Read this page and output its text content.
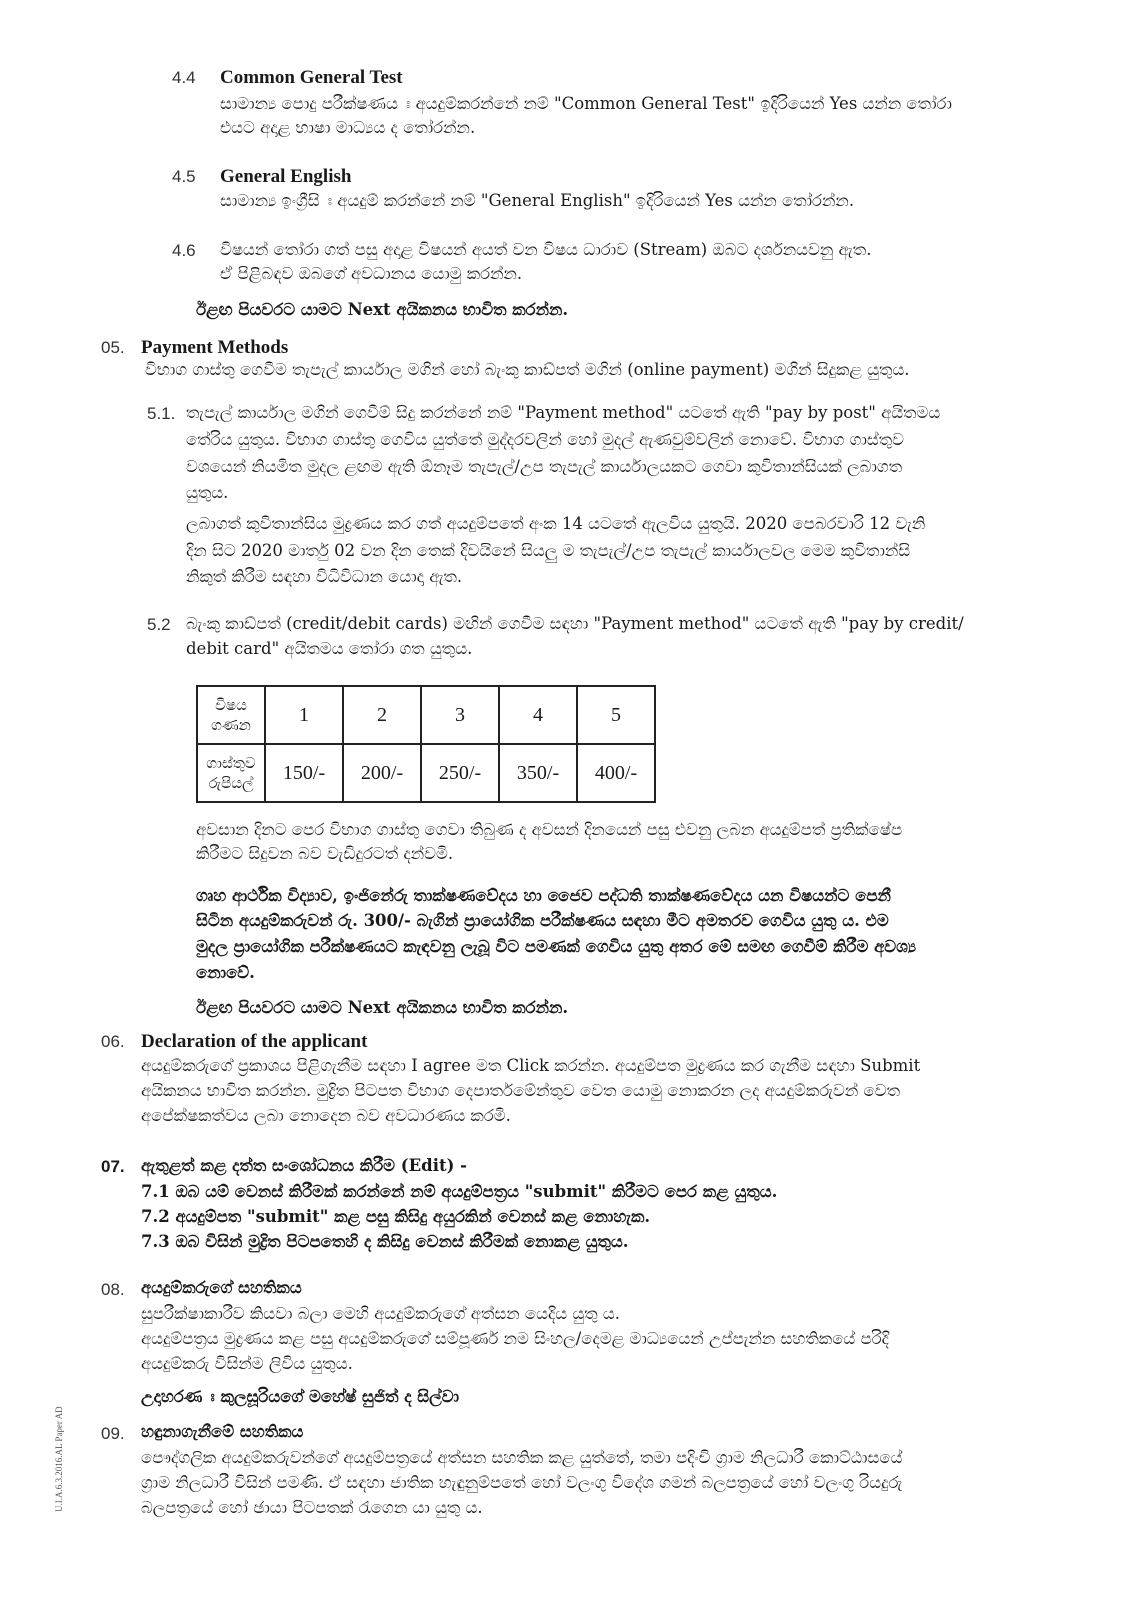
4.4 Common General Test
සාමාන්‍ය පොදු පරීක්ෂණය ඃ අයදුම්කරන්නේ නම් "Common General Test" ඉදිරියෙන් Yes යන්න තෝරා
එයට අදාළ භාෂා මාධ්‍යය ද තෝරන්න.
4.5 General English
සාමාන්‍ය ඉංග්‍රීසි ඃ අයදුම් කරන්නේ නම් "General English" ඉදිරියෙන් Yes යන්න තෝරන්න.
4.6 විෂයන් තෝරා ගත් පසු අදාළ විෂයන් අයත් වන විෂය ධාරාව (Stream) ඔබට දර්ශනයවනු ඇත.
ඒ පිළිබඳව ඔබගේ අවධානය යොමු කරන්න.
ඊළඟ පියවරට යාමට Next අයිකනය භාවිත කරන්න.
05. Payment Methods
විභාග ගාස්තු ගෙවීම තැපැල් කාර්යාල මගින් හෝ බැංකු කාඩ්පත් මගින් (online payment) මගින් සිදුකළ යුතුය.
5.1. තැපැල් කාර්යාල මගින් ගෙවීම් සිදු කරන්නේ නම් "Payment method" යටතේ ඇති "pay by post" අයිතමය
තේරිය යුතුය. විභාග ගාස්තු ගෙවිය යුත්තේ මුද්දරවලින් හෝ මුදල් ඇණවුම්වලින් නොවේ. විභාග ගාස්තුව
වශයෙන් නියමිත මුදල ළඟම ඇති ඕනෑම තැපැල්/උප තැපැල් කාර්යාලයකට ගෙවා කුවිතාන්සියක් ලබාගත
යුතුය.
ලබාගත් කුවිතාන්සිය මුද්‍රණය කර ගත් අයදුම්පතේ අංක 14 යටතේ ඇලවිය යුතුයි. 2020 පෙබරවාරි 12 වැනි
දින සිට 2020 මාර්තු 02 වන දින තෙක් දිවයිනේ සියලු ම තැපැල්/උප තැපැල් කාර්යාලවල මෙම කුවිතාන්සි
නිකුත් කිරීම සඳහා විධිවිධාන යොදා ඇත.
5.2 බැංකු කාඩ්පත් (credit/debit cards) මඟින් ගෙවීම සඳහා "Payment method" යටතේ ඇති "pay by credit/
debit card" අයිතමය තෝරා ගත යුතුය.
විෂය
ගණන	1	2	3	4	5

ගාස්තුව
රුපියල්	150/-	200/-	250/-	350/-	400/-
අවසාන දිනට පෙර විභාග ගාස්තු ගෙවා තිබුණ ද අවසන් දිනයෙන් පසු එවනු ලබන අයදුම්පත් ප්‍රතික්ෂේප
කිරීමට සිදුවන බව වැඩිදුරටත් දන්වමි.
ගෘහ ආර්ථික විද්‍යාව, ඉංජිනේරු තාක්ෂණවේදය හා ජෛව පද්ධති තාක්ෂණවේදය යන විෂයන්ට පෙනී
සිටින අයදුම්කරුවන් රු. 300/- බැගින් ප්‍රායෝගික පරීක්ෂණය සඳහා මීට අමතරව ගෙවිය යුතු ය. එම
මුදල ප්‍රායෝගික පරීක්ෂණයට කැඳවනු ලැබූ විට පමණක් ගෙවිය යුතු අතර මේ සමඟ ගෙවීම් කිරීම අවශ්‍ය
නොවේ.
ඊළඟ පියවරට යාමට Next අයිකනය භාවිත කරන්න.
06. Declaration of the applicant
අයදුම්කරුගේ ප්‍රකාශය පිළිගැනීම සඳහා I agree මත Click කරන්න. අයදුම්පත මුද්‍රණය කර ගැනීම සඳහා Submit
අයිකනය භාවිත කරන්න. මුද්‍රිත පිටපත විභාග දෙපාර්තමේන්තුව වෙත යොමු නොකරන ලද අයදුම්කරුවන් වෙත
අපේක්ෂකත්වය ලබා නොදෙන බව අවධාරණය කරමි.
07. ඇතුළත් කළ දත්ත සංශෝධනය කිරීම (Edit) -
7.1 ඔබ යම් වෙනස් කිරීමක් කරන්නේ නම් අයදුම්පත්‍රය "submit" කිරීමට පෙර කළ යුතුය.
7.2 අයදුම්පත "submit" කළ පසු කිසිදු අයුරකින් වෙනස් කළ නොහැක.
7.3 ඔබ විසින් මුද්‍රිත පිටපතෙහි ද කිසිදු වෙනස් කිරීමක් නොකළ යුතුය.
08. අයදුම්කරුගේ සහතිකය
සුපරීක්ෂාකාරීව කියවා බලා මෙහි අයදුම්කරුගේ අත්සන යෙදිය යුතු ය.
අයදුම්පත්‍රය මුද්‍රණය කළ පසු අයදුම්කරුගේ සම්පූර්ණ නම සිංහල/දෙමළ මාධ්‍යයෙන් උප්පැන්න සහතිකයේ පරිදි
අයදුම්කරු විසින්ම ලිවිය යුතුය.
උදාහරණ ඃ කුලසූරියගේ මහේෂ් සුජිත් ද සිල්වා
09. හඳුනාගැනීමේ සහතිකය
පෞද්ගලික අයදුම්කරුවන්ගේ අයදුම්පත්‍රයේ අත්සන සහතික කළ යුත්තේ, තමා පදිංචි ග්‍රාම නිලධාරී කොට්ඨාසයේ
ග්‍රාම නිලධාරී විසින් පමණි. ඒ සඳහා ජාතික හැඳුනුම්පතේ හෝ වලංගු විදේශ ගමන් බලපත්‍රයේ හෝ වලංගු රියදුරු
බලපත්‍රයේ හෝ ඡායා පිටපතක් රැගෙන යා යුතු ය.
U.I.A.6.3.2016.AL Paper AD
